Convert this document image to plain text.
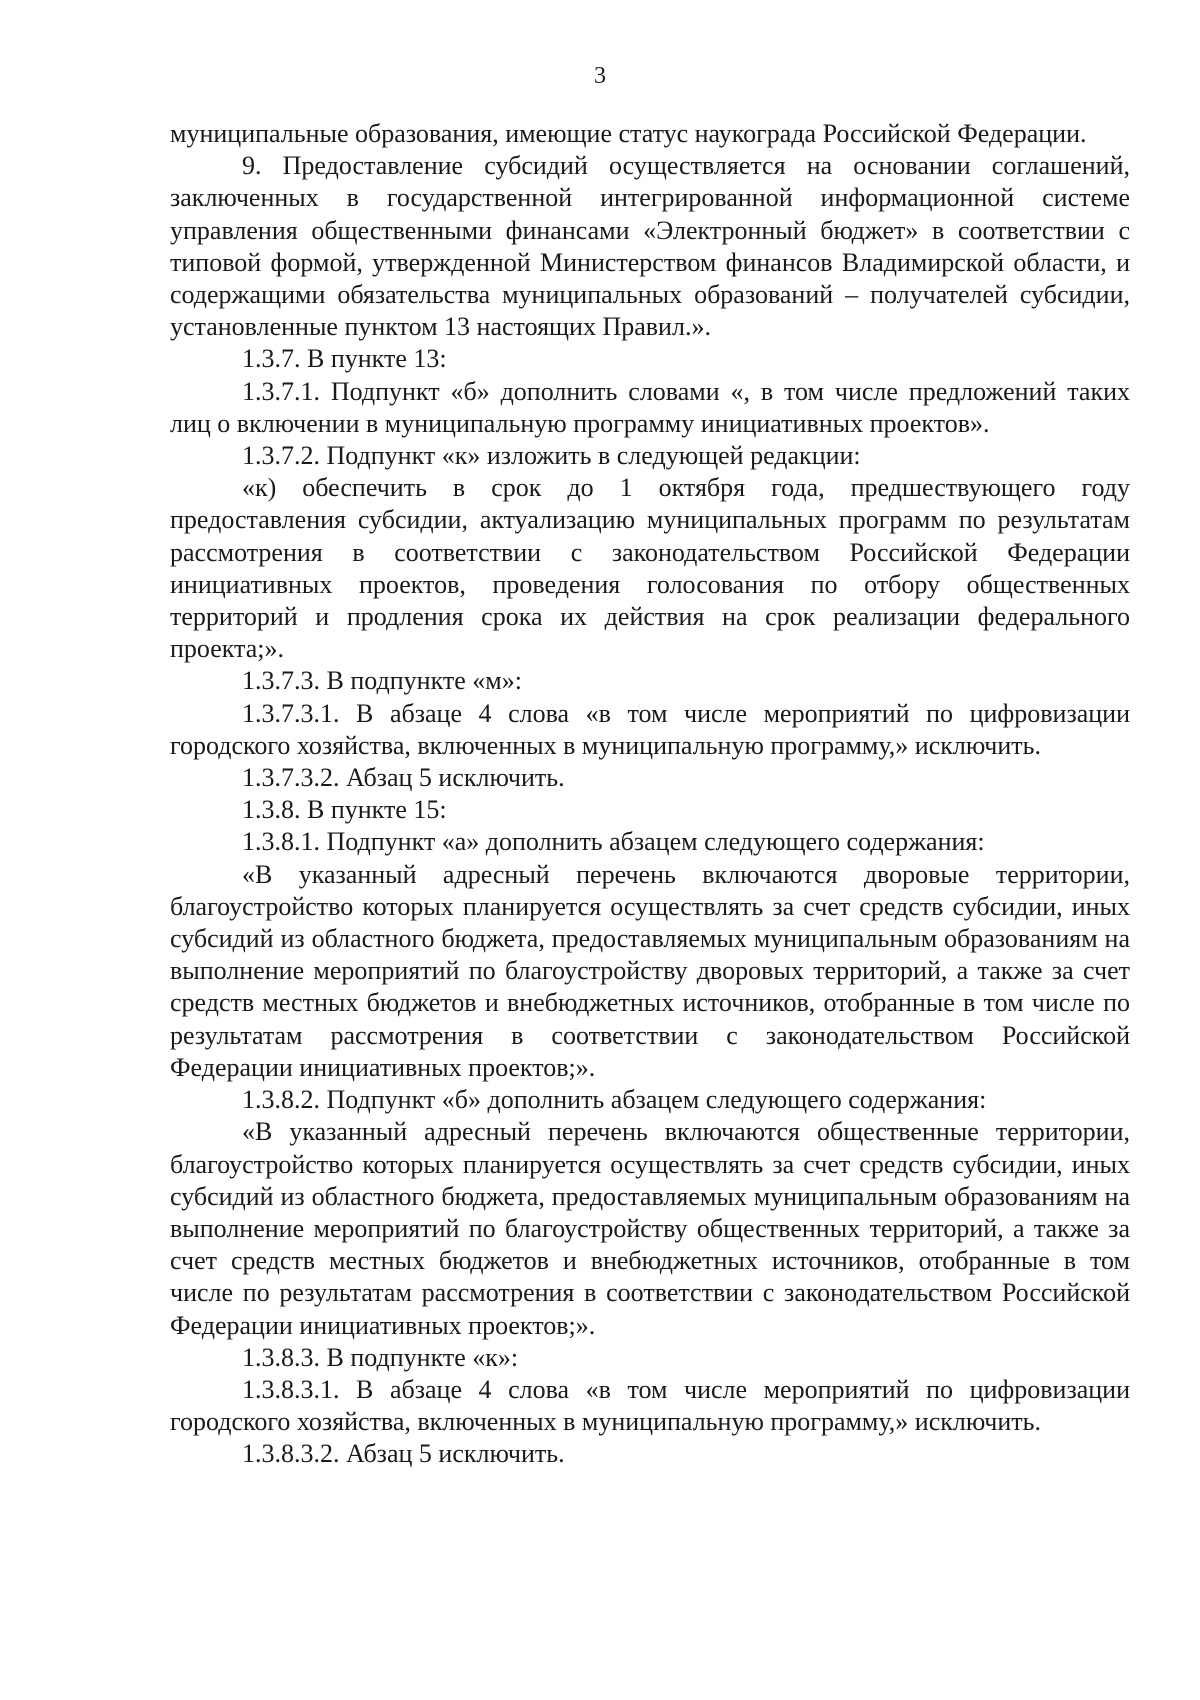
3

муниципальные образования, имеющие статус наукограда Российской Федерации.

9. Предоставление субсидий осуществляется на основании соглашений, заключенных в государственной интегрированной информационной системе управления общественными финансами «Электронный бюджет» в соответствии с типовой формой, утвержденной Министерством финансов Владимирской области, и содержащими обязательства муниципальных образований – получателей субсидии, установленные пунктом 13 настоящих Правил.».

1.3.7. В пункте 13:

1.3.7.1. Подпункт «б» дополнить словами «, в том числе предложений таких лиц о включении в муниципальную программу инициативных проектов».

1.3.7.2. Подпункт «к» изложить в следующей редакции:

«к) обеспечить в срок до 1 октября года, предшествующего году предоставления субсидии, актуализацию муниципальных программ по результатам рассмотрения в соответствии с законодательством Российской Федерации инициативных проектов, проведения голосования по отбору общественных территорий и продления срока их действия на срок реализации федерального проекта;».

1.3.7.3. В подпункте «м»:

1.3.7.3.1. В абзаце 4 слова «в том числе мероприятий по цифровизации городского хозяйства, включенных в муниципальную программу,» исключить.

1.3.7.3.2. Абзац 5 исключить.

1.3.8. В пункте 15:

1.3.8.1. Подпункт «а» дополнить абзацем следующего содержания:

«В указанный адресный перечень включаются дворовые территории, благоустройство которых планируется осуществлять за счет средств субсидии, иных субсидий из областного бюджета, предоставляемых муниципальным образованиям на выполнение мероприятий по благоустройству дворовых территорий, а также за счет средств местных бюджетов и внебюджетных источников, отобранные в том числе по результатам рассмотрения в соответствии с законодательством Российской Федерации инициативных проектов;».

1.3.8.2. Подпункт «б» дополнить абзацем следующего содержания:

«В указанный адресный перечень включаются общественные территории, благоустройство которых планируется осуществлять за счет средств субсидии, иных субсидий из областного бюджета, предоставляемых муниципальным образованиям на выполнение мероприятий по благоустройству общественных территорий, а также за счет средств местных бюджетов и внебюджетных источников, отобранные в том числе по результатам рассмотрения в соответствии с законодательством Российской Федерации инициативных проектов;».

1.3.8.3. В подпункте «к»:

1.3.8.3.1. В абзаце 4 слова «в том числе мероприятий по цифровизации городского хозяйства, включенных в муниципальную программу,» исключить.

1.3.8.3.2. Абзац 5 исключить.
